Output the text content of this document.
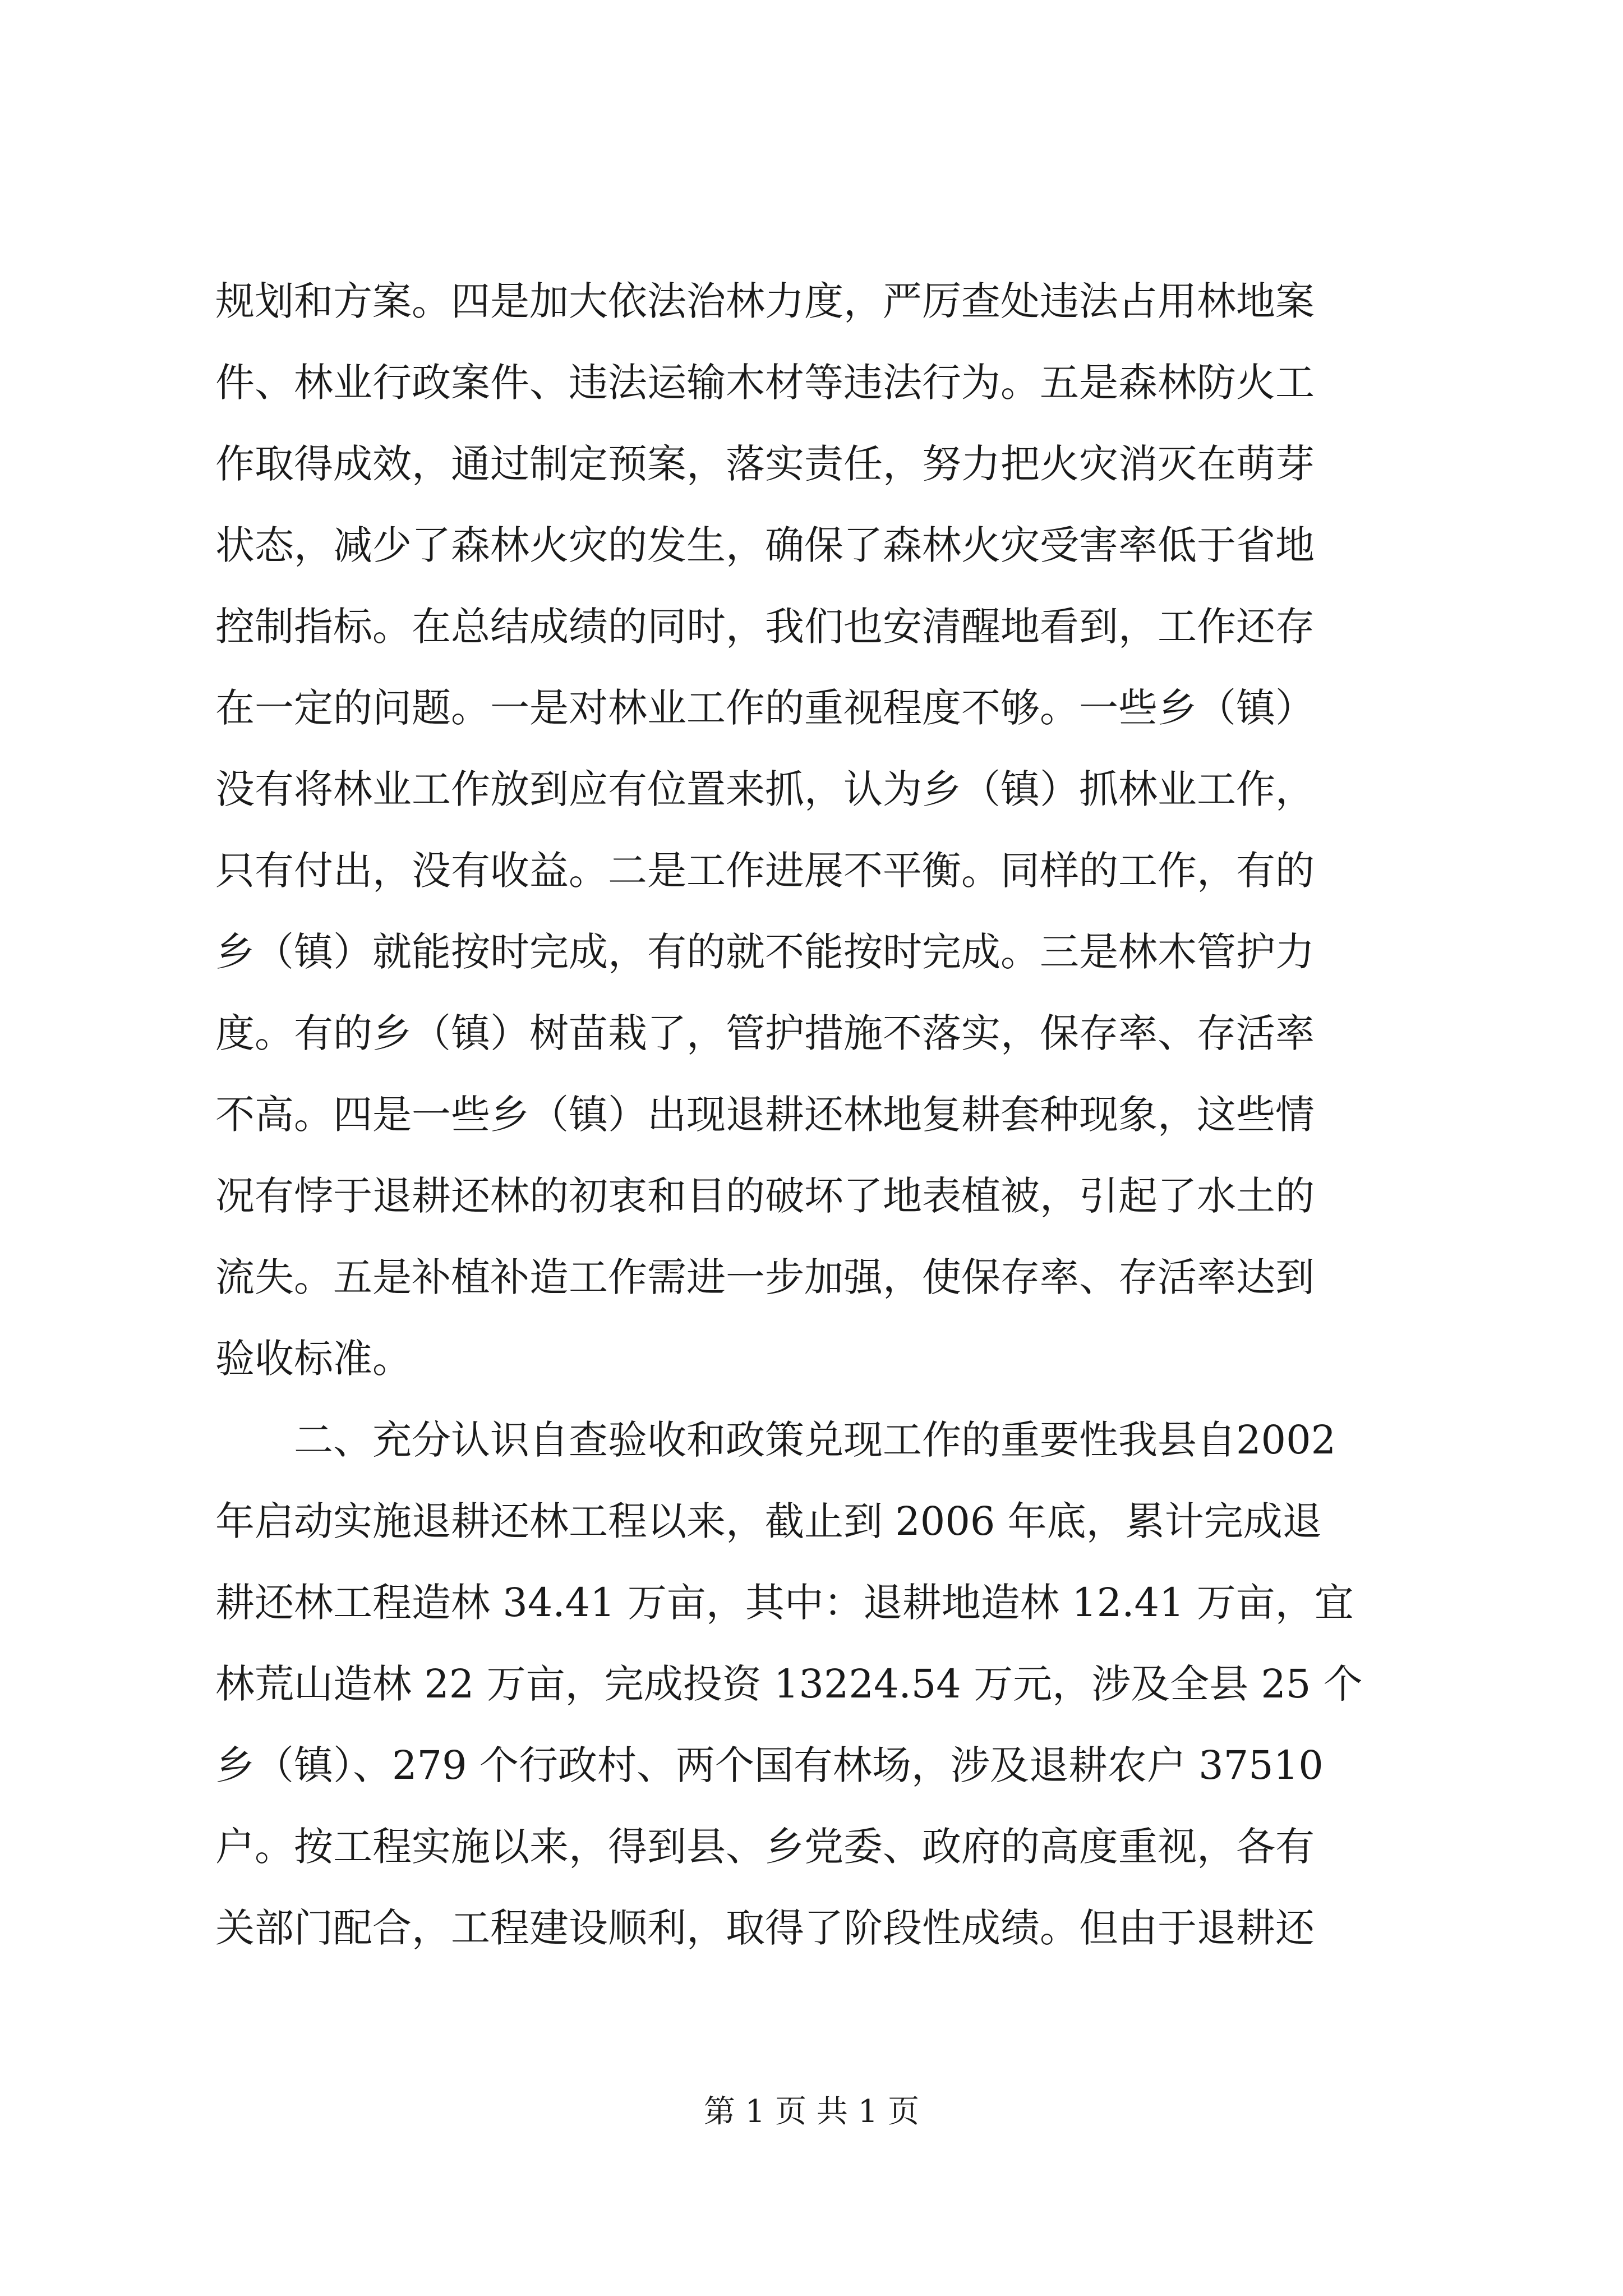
规划和方案。四是加大依法治林力度，严厉查处违法占用林地案
件、林业行政案件、违法运输木材等违法行为。五是森林防火工
作取得成效，通过制定预案，落实责任，努力把火灾消灭在萌芽
状态，减少了森林火灾的发生，确保了森林火灾受害率低于省地
控制指标。在总结成绩的同时，我们也安清醒地看到，工作还存
在一定的问题。一是对林业工作的重视程度不够。一些乡（镇）
没有将林业工作放到应有位置来抓，认为乡（镇）抓林业工作，
只有付出，没有收益。二是工作进展不平衡。同样的工作，有的
乡（镇）就能按时完成，有的就不能按时完成。三是林木管护力
度。有的乡（镇）树苗栽了，管护措施不落实，保存率、存活率
不高。四是一些乡（镇）出现退耕还林地复耕套种现象，这些情
况有悖于退耕还林的初衷和目的破坏了地表植被，引起了水土的
流失。五是补植补造工作需进一步加强，使保存率、存活率达到
验收标准。
　　二、充分认识自查验收和政策兑现工作的重要性我县自2002
年启动实施退耕还林工程以来，截止到 2006 年底，累计完成退
耕还林工程造林 34.41 万亩，其中：退耕地造林 12.41 万亩，宜
林荒山造林 22 万亩，完成投资 13224.54 万元，涉及全县 25 个
乡（镇）、279 个行政村、两个国有林场，涉及退耕农户 37510
户。按工程实施以来，得到县、乡党委、政府的高度重视，各有
关部门配合，工程建设顺利，取得了阶段性成绩。但由于退耕还
第 1 页 共 1 页
